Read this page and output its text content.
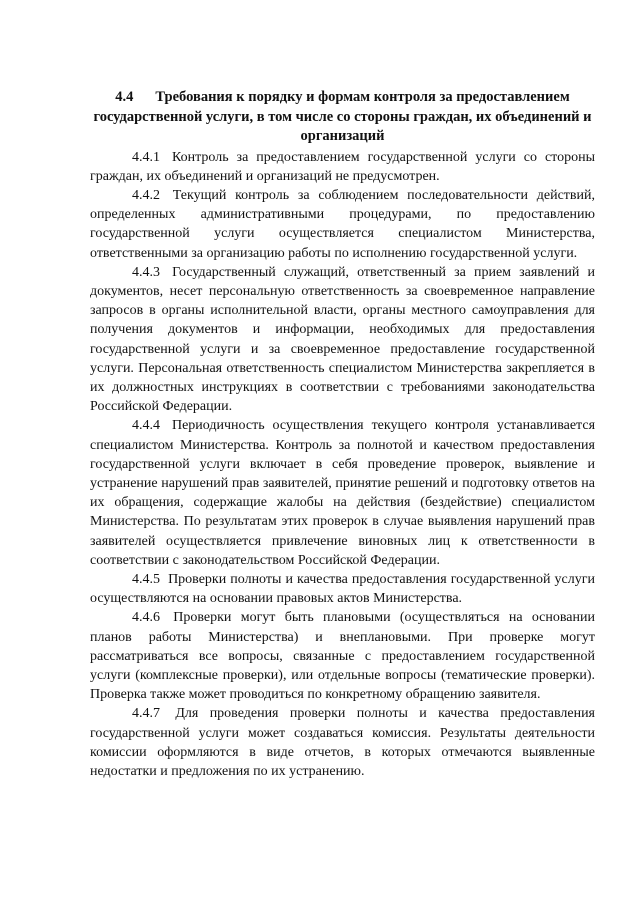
4.4 Требования к порядку и формам контроля за предоставлением государственной услуги, в том числе со стороны граждан, их объединений и организаций

4.4.1 Контроль за предоставлением государственной услуги со стороны граждан, их объединений и организаций не предусмотрен.

4.4.2 Текущий контроль за соблюдением последовательности действий, определенных административными процедурами, по предоставлению государственной услуги осуществляется специалистом Министерства, ответственными за организацию работы по исполнению государственной услуги.

4.4.3 Государственный служащий, ответственный за прием заявлений и документов, несет персональную ответственность за своевременное направление запросов в органы исполнительной власти, органы местного самоуправления для получения документов и информации, необходимых для предоставления государственной услуги и за своевременное предоставление государственной услуги. Персональная ответственность специалистом Министерства закрепляется в их должностных инструкциях в соответствии с требованиями законодательства Российской Федерации.

4.4.4 Периодичность осуществления текущего контроля устанавливается специалистом Министерства. Контроль за полнотой и качеством предоставления государственной услуги включает в себя проведение проверок, выявление и устранение нарушений прав заявителей, принятие решений и подготовку ответов на их обращения, содержащие жалобы на действия (бездействие) специалистом Министерства. По результатам этих проверок в случае выявления нарушений прав заявителей осуществляется привлечение виновных лиц к ответственности в соответствии с законодательством Российской Федерации.

4.4.5 Проверки полноты и качества предоставления государственной услуги осуществляются на основании правовых актов Министерства.

4.4.6 Проверки могут быть плановыми (осуществляться на основании планов работы Министерства) и внеплановыми. При проверке могут рассматриваться все вопросы, связанные с предоставлением государственной услуги (комплексные проверки), или отдельные вопросы (тематические проверки). Проверка также может проводиться по конкретному обращению заявителя.

4.4.7 Для проведения проверки полноты и качества предоставления государственной услуги может создаваться комиссия. Результаты деятельности комиссии оформляются в виде отчетов, в которых отмечаются выявленные недостатки и предложения по их устранению.
